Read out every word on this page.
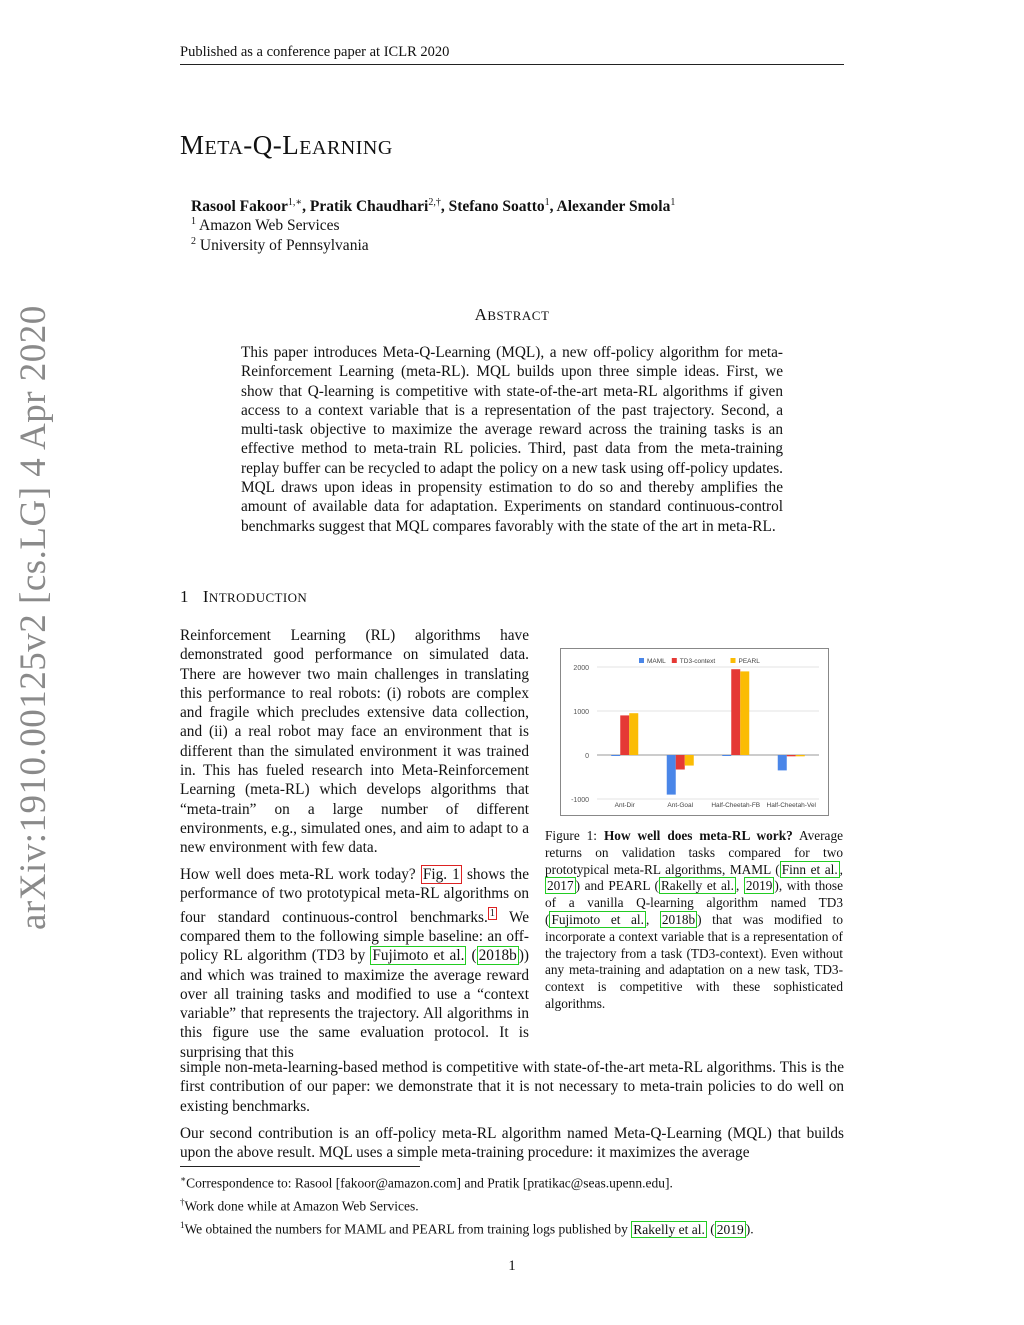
Published as a conference paper at ICLR 2020
arXiv:1910.00125v2 [cs.LG] 4 Apr 2020
META-Q-LEARNING
Rasool Fakoor$^{1,∗}$, Pratik Chaudhari$^{2,\dagger}$, Stefano Soatto$^1$, Alexander Smola$^1$
$^1$ Amazon Web Services
$^2$ University of Pennsylvania
ABSTRACT
This paper introduces Meta-Q-Learning (MQL), a new off-policy algorithm for meta-Reinforcement Learning (meta-RL). MQL builds upon three simple ideas. First, we show that Q-learning is competitive with state-of-the-art meta-RL algorithms if given access to a context variable that is a representation of the past trajectory. Second, a multi-task objective to maximize the average reward across the training tasks is an effective method to meta-train RL policies. Third, past data from the meta-training replay buffer can be recycled to adapt the policy on a new task using off-policy updates. MQL draws upon ideas in propensity estimation to do so and thereby amplifies the amount of available data for adaptation. Experiments on standard continuous-control benchmarks suggest that MQL compares favorably with the state of the art in meta-RL.
1 INTRODUCTION
Reinforcement Learning (RL) algorithms have demonstrated good performance on simulated data. There are however two main challenges in translating this performance to real robots: (i) robots are complex and fragile which precludes extensive data collection, and (ii) a real robot may face an environment that is different than the simulated environment it was trained in. This has fueled research into Meta-Reinforcement Learning (meta-RL) which develops algorithms that “meta-train” on a large number of different environments, e.g., simulated ones, and aim to adapt to a new environment with few data.
How well does meta-RL work today? Fig. 1 shows the performance of two prototypical meta-RL algorithms on four standard continuous-control benchmarks. $^1$ We compared them to the following simple baseline: an off-policy RL algorithm (TD3 by Fujimoto et al. ( 2018b )) and which was trained to maximize the average reward over all training tasks and modified to use a “context variable” that represents the trajectory. All algorithms in this figure use the same evaluation protocol. It is surprising that this
simple non-meta-learning-based method is competitive with state-of-the-art meta-RL algorithms. This is the first contribution of our paper: we demonstrate that it is not necessary to meta-train policies to do well on existing benchmarks.
Our second contribution is an off-policy meta-RL algorithm named Meta-Q-Learning (MQL) that builds upon the above result. MQL uses a simple meta-training procedure: it maximizes the average
2000
1000
0
-1000
Ant-Dir	Ant-Goal	Half-Cheetah-FB Half-Cheetah-Vel
MAML TD3-context	PEARL
Figure 1: How well does meta-RL work? Average returns on validation tasks compared for two prototypical meta-RL algorithms, MAML ( Finn et al. , 2017 ) and PEARL ( Rakelly et al. , 2019 ), with those of a vanilla Q-learning algorithm named TD3 ( Fujimoto et al. , 2018b ) that was modified to incorporate a context variable that is a representation of the trajectory from a task (TD3-context). Even without any meta-training and adaptation on a new task, TD3-context is competitive with these sophisticated algorithms.
∗Correspondence to: Rasool [fakoor@amazon.com] and Pratik [pratikac@seas.upenn.edu].
†Work done while at Amazon Web Services.
$^1$We obtained the numbers for MAML and PEARL from training logs published by Rakelly et al. ( 2019 ).
1
